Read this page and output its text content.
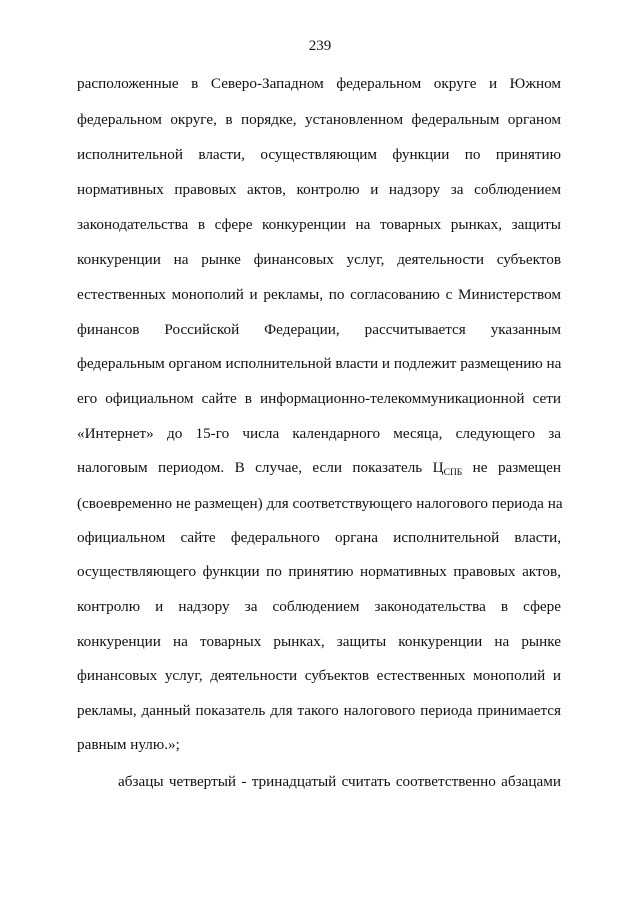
239
расположенные в Северо-Западном федеральном округе и Южном
федеральном округе, в порядке, установленном федеральным органом
исполнительной власти, осуществляющим функции по принятию
нормативных правовых актов, контролю и надзору за соблюдением
законодательства в сфере конкуренции на товарных рынках, защиты
конкуренции на рынке финансовых услуг, деятельности субъектов
естественных монополий и рекламы, по согласованию с Министерством
финансов Российской Федерации, рассчитывается указанным
федеральным органом исполнительной власти и подлежит размещению на
его официальном сайте в информационно-телекоммуникационной сети
«Интернет» до 15-го числа календарного месяца, следующего за
налоговым периодом. В случае, если показатель $Ц_{СПБ}$ не размещен
(своевременно не размещен) для соответствующего налогового периода на
официальном сайте федерального органа исполнительной власти,
осуществляющего функции по принятию нормативных правовых актов,
контролю и надзору за соблюдением законодательства в сфере
конкуренции на товарных рынках, защиты конкуренции на рынке
финансовых услуг, деятельности субъектов естественных монополий и
рекламы, данный показатель для такого налогового периода принимается
равным нулю.»;
абзацы четвертый - тринадцатый считать соответственно абзацами
